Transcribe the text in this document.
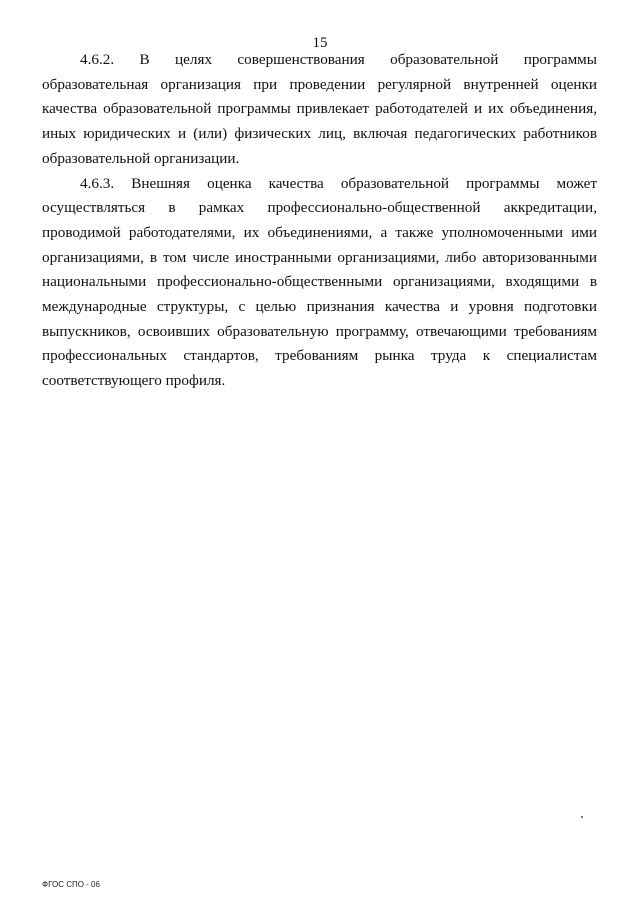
15

4.6.2. В целях совершенствования образовательной программы образовательная организация при проведении регулярной внутренней оценки качества образовательной программы привлекает работодателей и их объединения, иных юридических и (или) физических лиц, включая педагогических работников образовательной организации.

4.6.3. Внешняя оценка качества образовательной программы может осуществляться в рамках профессионально-общественной аккредитации, проводимой работодателями, их объединениями, а также уполномоченными ими организациями, в том числе иностранными организациями, либо авторизованными национальными профессионально-общественными организациями, входящими в международные структуры, с целью признания качества и уровня подготовки выпускников, освоивших образовательную программу, отвечающими требованиям профессиональных стандартов, требованиям рынка труда к специалистам соответствующего профиля.

ФГОС СПО - 06
